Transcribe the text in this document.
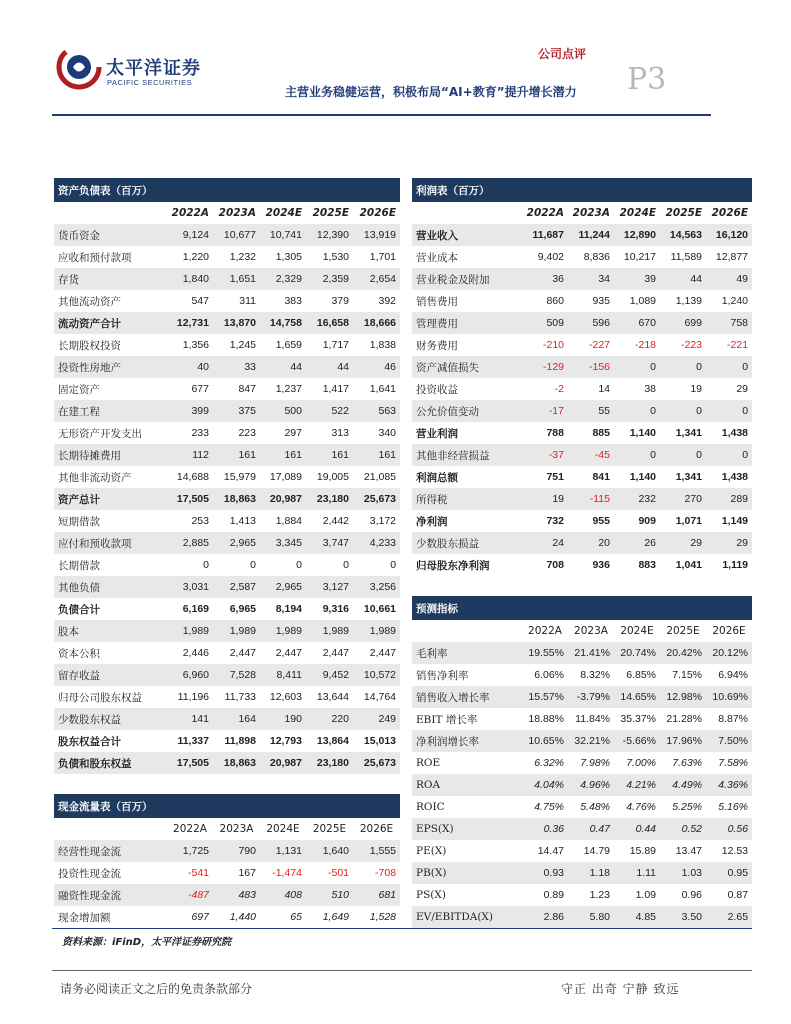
太平洋证券
PACIFIC SECURITIES
公司点评
P3
主营业务稳健运营，积极布局“AI+教育”提升增长潜力
资产负债表（百万）					
	2022A	2023A	2024E	2025E	2026E
货币资金	9,124	10,677	10,741	12,390	13,919
应收和预付款项	1,220	1,232	1,305	1,530	1,701
存货	1,840	1,651	2,329	2,359	2,654
其他流动资产	547	311	383	379	392
流动资产合计	12,731	13,870	14,758	16,658	18,666
长期股权投资	1,356	1,245	1,659	1,717	1,838
投资性房地产	40	33	44	44	46
固定资产	677	847	1,237	1,417	1,641
在建工程	399	375	500	522	563
无形资产开发支出	233	223	297	313	340
长期待摊费用	112	161	161	161	161
其他非流动资产	14,688	15,979	17,089	19,005	21,085
资产总计	17,505	18,863	20,987	23,180	25,673
短期借款	253	1,413	1,884	2,442	3,172
应付和预收款项	2,885	2,965	3,345	3,747	4,233
长期借款	0	0	0	0	0
其他负债	3,031	2,587	2,965	3,127	3,256
负债合计	6,169	6,965	8,194	9,316	10,661
股本	1,989	1,989	1,989	1,989	1,989
资本公积	2,446	2,447	2,447	2,447	2,447
留存收益	6,960	7,528	8,411	9,452	10,572
归母公司股东权益	11,196	11,733	12,603	13,644	14,764
少数股东权益	141	164	190	220	249
股东权益合计	11,337	11,898	12,793	13,864	15,013
负债和股东权益	17,505	18,863	20,987	23,180	25,673
现金流量表（百万）					
	2022A	2023A	2024E	2025E	2026E
经营性现金流	1,725	790	1,131	1,640	1,555
投资性现金流	-541	167	-1,474	-501	-708
融资性现金流	-487	483	408	510	681
现金增加额	697	1,440	65	1,649	1,528
利润表（百万）					
	2022A	2023A	2024E	2025E	2026E
营业收入	11,687	11,244	12,890	14,563	16,120
营业成本	9,402	8,836	10,217	11,589	12,877
营业税金及附加	36	34	39	44	49
销售费用	860	935	1,089	1,139	1,240
管理费用	509	596	670	699	758
财务费用	-210	-227	-218	-223	-221
资产减值损失	-129	-156	0	0	0
投资收益	-2	14	38	19	29
公允价值变动	-17	55	0	0	0
营业利润	788	885	1,140	1,341	1,438
其他非经营损益	-37	-45	0	0	0
利润总额	751	841	1,140	1,341	1,438
所得税	19	-115	232	270	289
净利润	732	955	909	1,071	1,149
少数股东损益	24	20	26	29	29
归母股东净利润	708	936	883	1,041	1,119
预测指标					
	2022A	2023A	2024E	2025E	2026E
毛利率	19.55%	21.41%	20.74%	20.42%	20.12%
销售净利率	6.06%	8.32%	6.85%	7.15%	6.94%
销售收入增长率	15.57%	-3.79%	14.65%	12.98%	10.69%
EBIT 增长率	18.88%	11.84%	35.37%	21.28%	8.87%
净利润增长率	10.65%	32.21%	-5.66%	17.96%	7.50%
ROE	6.32%	7.98%	7.00%	7.63%	7.58%
ROA	4.04%	4.96%	4.21%	4.49%	4.36%
ROIC	4.75%	5.48%	4.76%	5.25%	5.16%
EPS(X)	0.36	0.47	0.44	0.52	0.56
PE(X)	14.47	14.79	15.89	13.47	12.53
PB(X)	0.93	1.18	1.11	1.03	0.95
PS(X)	0.89	1.23	1.09	0.96	0.87
EV/EBITDA(X)	2.86	5.80	4.85	3.50	2.65
资料来源：iFinD，太平洋证券研究院
请务必阅读正文之后的免责条款部分	守正 出奇 宁静 致远
